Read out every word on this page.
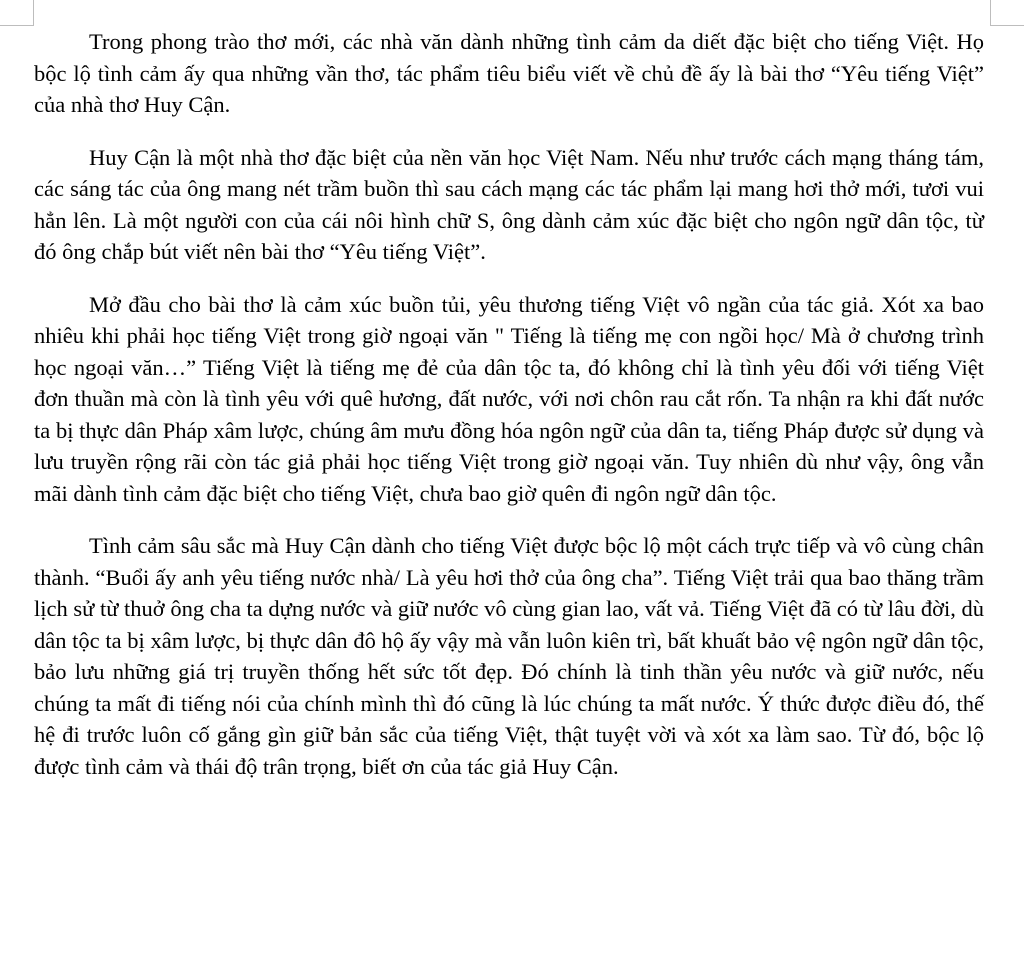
Trong phong trào thơ mới, các nhà văn dành những tình cảm da diết đặc biệt cho tiếng Việt. Họ bộc lộ tình cảm ấy qua những vần thơ, tác phẩm tiêu biểu viết về chủ đề ấy là bài thơ “Yêu tiếng Việt” của nhà thơ Huy Cận.

Huy Cận là một nhà thơ đặc biệt của nền văn học Việt Nam. Nếu như trước cách mạng tháng tám, các sáng tác của ông mang nét trầm buồn thì sau cách mạng các tác phẩm lại mang hơi thở mới, tươi vui hẳn lên. Là một người con của cái nôi hình chữ S, ông dành cảm xúc đặc biệt cho ngôn ngữ dân tộc, từ đó ông chắp bút viết nên bài thơ “Yêu tiếng Việt”.

Mở đầu cho bài thơ là cảm xúc buồn tủi, yêu thương tiếng Việt vô ngần của tác giả. Xót xa bao nhiêu khi phải học tiếng Việt trong giờ ngoại văn " Tiếng là tiếng mẹ con ngồi học/ Mà ở chương trình học ngoại văn…” Tiếng Việt là tiếng mẹ đẻ của dân tộc ta, đó không chỉ là tình yêu đối với tiếng Việt đơn thuần mà còn là tình yêu với quê hương, đất nước, với nơi chôn rau cắt rốn. Ta nhận ra khi đất nước ta bị thực dân Pháp xâm lược, chúng âm mưu đồng hóa ngôn ngữ của dân ta, tiếng Pháp được sử dụng và lưu truyền rộng rãi còn tác giả phải học tiếng Việt trong giờ ngoại văn. Tuy nhiên dù như vậy, ông vẫn mãi dành tình cảm đặc biệt cho tiếng Việt, chưa bao giờ quên đi ngôn ngữ dân tộc.

Tình cảm sâu sắc mà Huy Cận dành cho tiếng Việt được bộc lộ một cách trực tiếp và vô cùng chân thành. “Buổi ấy anh yêu tiếng nước nhà/ Là yêu hơi thở của ông cha”. Tiếng Việt trải qua bao thăng trầm lịch sử từ thuở ông cha ta dựng nước và giữ nước vô cùng gian lao, vất vả. Tiếng Việt đã có từ lâu đời, dù dân tộc ta bị xâm lược, bị thực dân đô hộ ấy vậy mà vẫn luôn kiên trì, bất khuất bảo vệ ngôn ngữ dân tộc, bảo lưu những giá trị truyền thống hết sức tốt đẹp. Đó chính là tinh thần yêu nước và giữ nước, nếu chúng ta mất đi tiếng nói của chính mình thì đó cũng là lúc chúng ta mất nước. Ý thức được điều đó, thế hệ đi trước luôn cố gắng gìn giữ bản sắc của tiếng Việt, thật tuyệt vời và xót xa làm sao. Từ đó, bộc lộ được tình cảm và thái độ trân trọng, biết ơn của tác giả Huy Cận.
